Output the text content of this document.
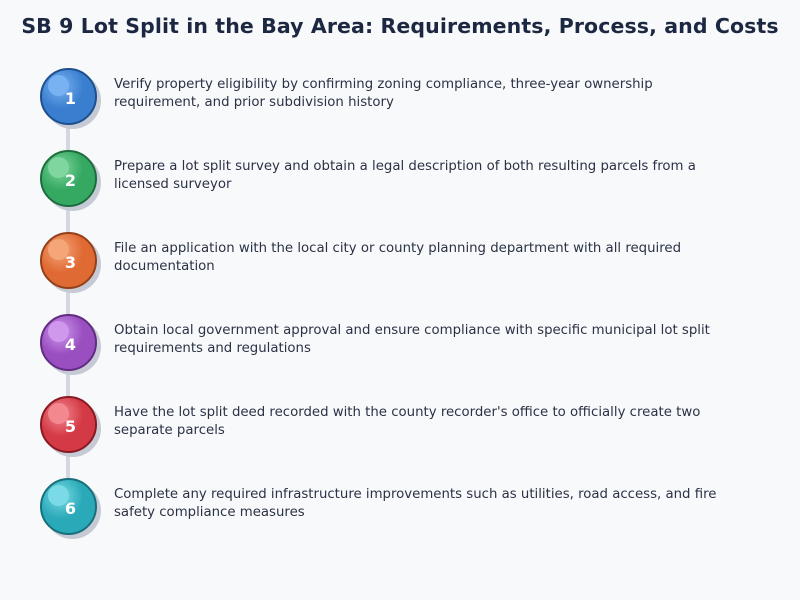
SB 9 Lot Split in the Bay Area: Requirements, Process, and Costs
1
Verify property eligibility by confirming zoning compliance, three-year ownership requirement, and prior subdivision history
2
Prepare a lot split survey and obtain a legal description of both resulting parcels from a licensed surveyor
3
File an application with the local city or county planning department with all required documentation
4
Obtain local government approval and ensure compliance with specific municipal lot split requirements and regulations
5
Have the lot split deed recorded with the county recorder's office to officially create two separate parcels
6
Complete any required infrastructure improvements such as utilities, road access, and fire safety compliance measures
